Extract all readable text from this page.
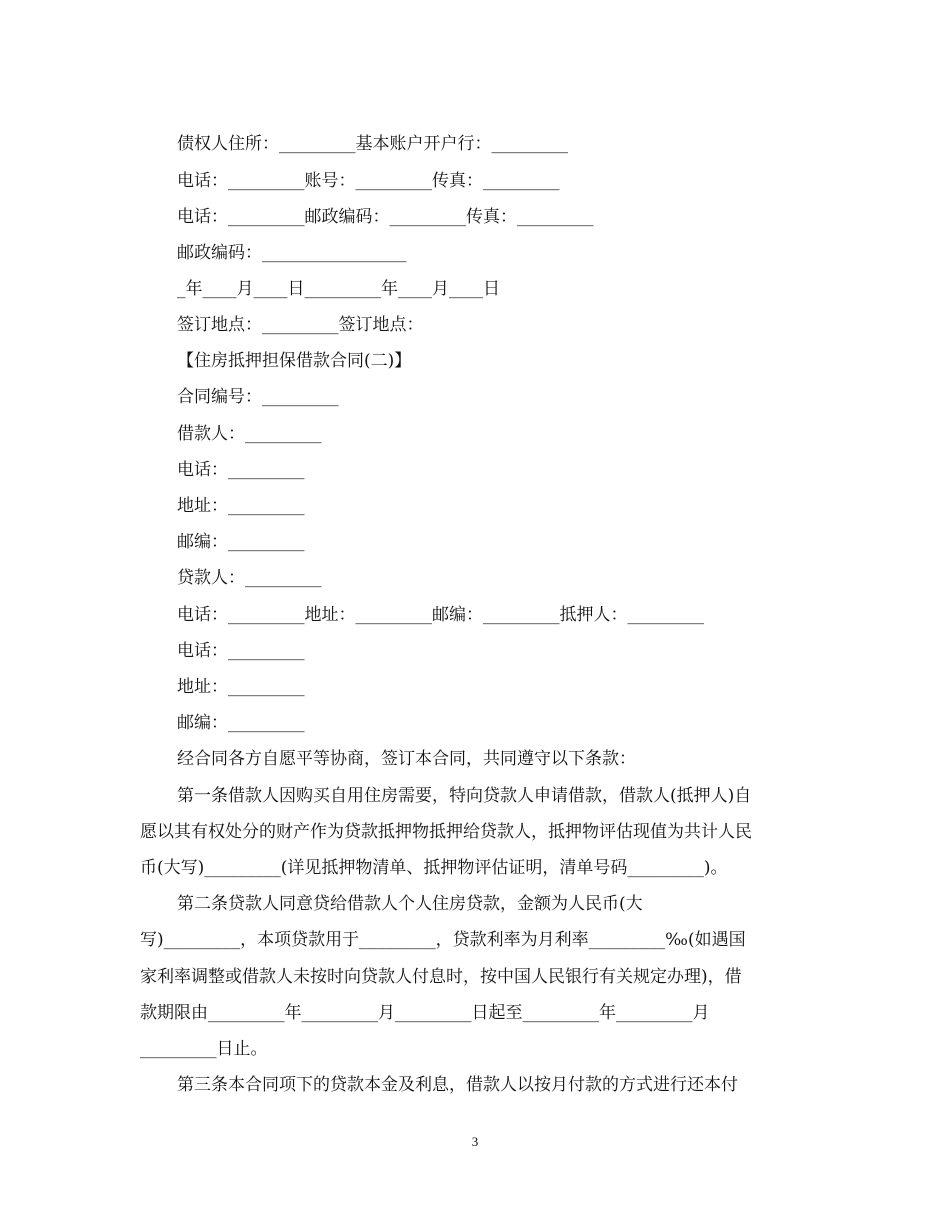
债权人住所：_________基本账户开户行：_________
电话：_________账号：_________传真：_________
电话：_________邮政编码：_________传真：_________
邮政编码：_________________
_年____月____日_________年____月____日
签订地点：_________签订地点：
【住房抵押担保借款合同(二)】
合同编号：_________
借款人：_________
电话：_________
地址：_________
邮编：_________
贷款人：_________
电话：_________地址：_________邮编：_________抵押人：_________
电话：_________
地址：_________
邮编：_________
经合同各方自愿平等协商，签订本合同，共同遵守以下条款：
第一条借款人因购买自用住房需要，特向贷款人申请借款，借款人(抵押人)自
愿以其有权处分的财产作为贷款抵押物抵押给贷款人，抵押物评估现值为共计人民
币(大写)_________(详见抵押物清单、抵押物评估证明，清单号码_________)。
第二条贷款人同意贷给借款人个人住房贷款，金额为人民币(大
写)_________，本项贷款用于_________，贷款利率为月利率_________‰(如遇国
家利率调整或借款人未按时向贷款人付息时，按中国人民银行有关规定办理)，借
款期限由_________年_________月_________日起至_________年_________月
_________日止。
第三条本合同项下的贷款本金及利息，借款人以按月付款的方式进行还本付
3
